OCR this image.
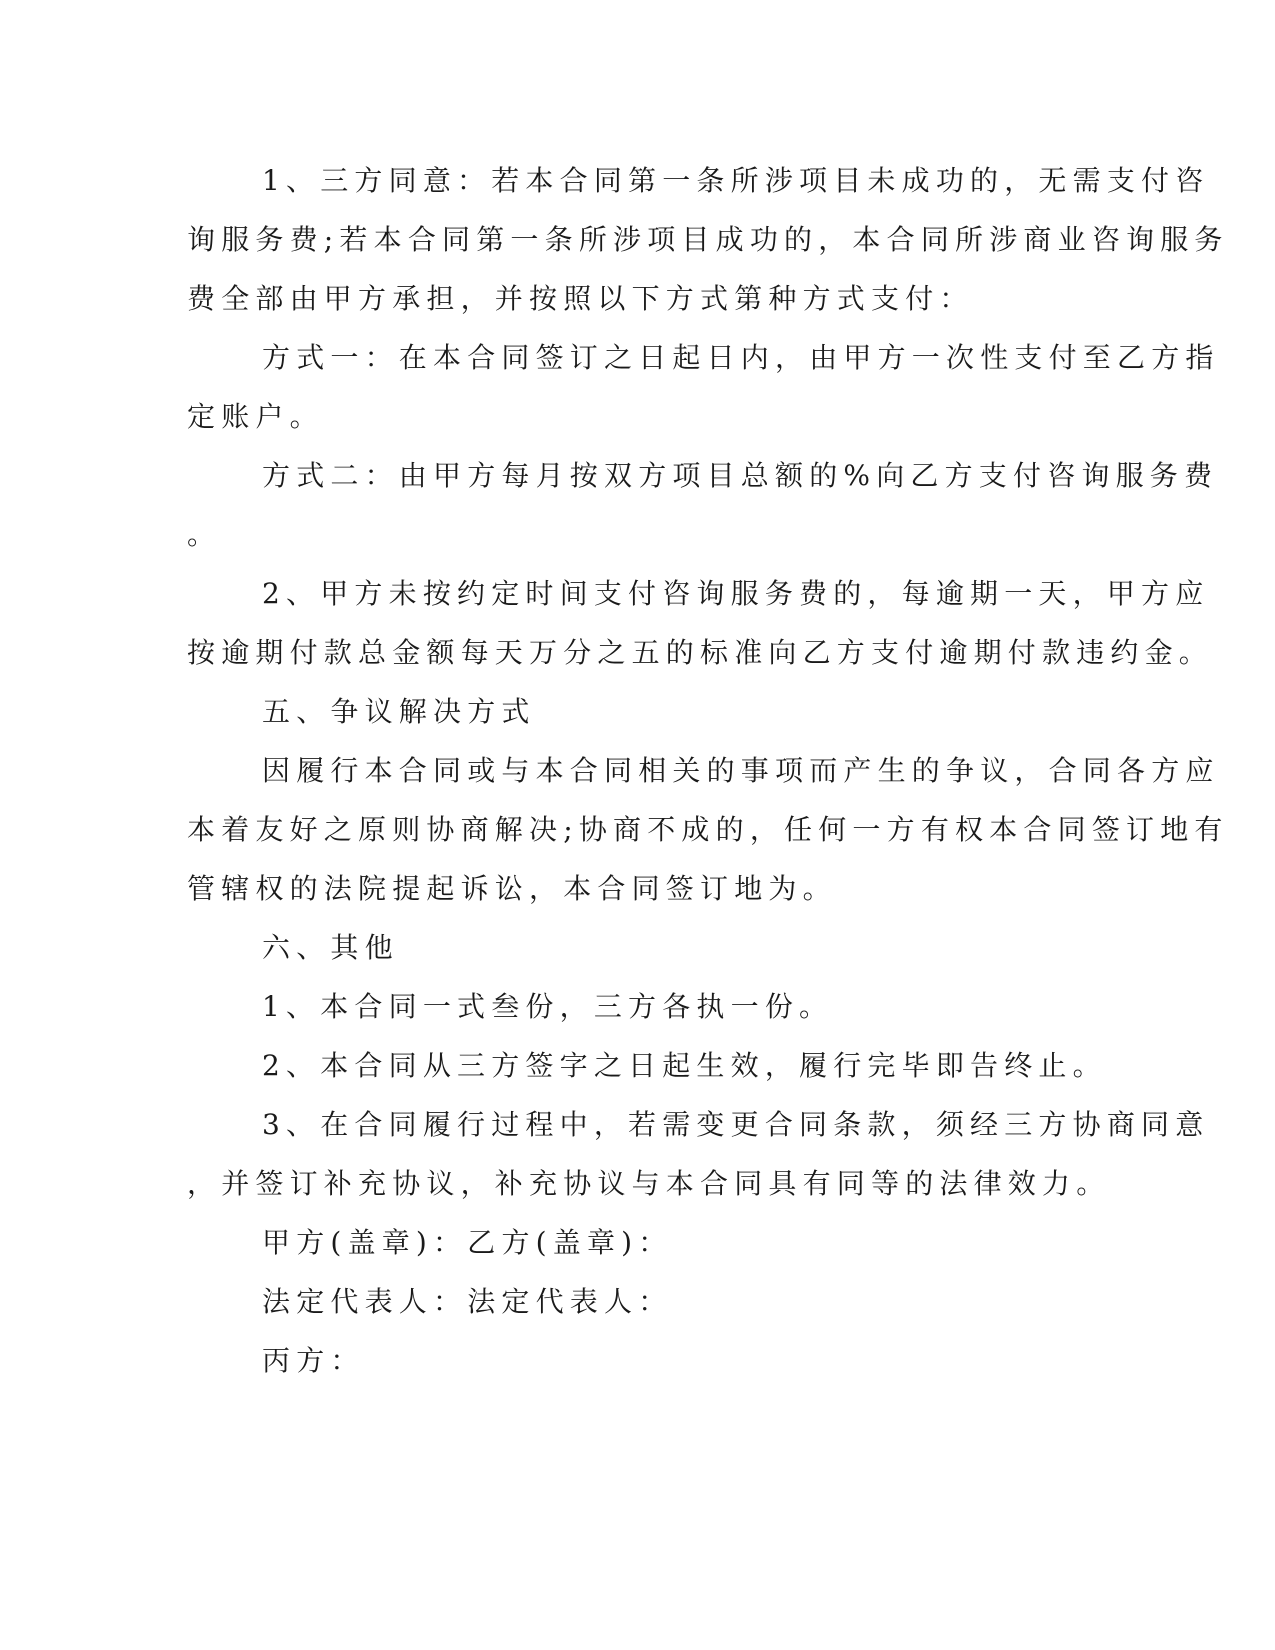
1、三方同意：若本合同第一条所涉项目未成功的，无需支付咨
询服务费;若本合同第一条所涉项目成功的，本合同所涉商业咨询服务
费全部由甲方承担，并按照以下方式第种方式支付：
方式一：在本合同签订之日起日内，由甲方一次性支付至乙方指
定账户。
方式二：由甲方每月按双方项目总额的%向乙方支付咨询服务费
。
2、甲方未按约定时间支付咨询服务费的，每逾期一天，甲方应
按逾期付款总金额每天万分之五的标准向乙方支付逾期付款违约金。
五、争议解决方式
因履行本合同或与本合同相关的事项而产生的争议，合同各方应
本着友好之原则协商解决;协商不成的，任何一方有权本合同签订地有
管辖权的法院提起诉讼，本合同签订地为。
六、其他
1、本合同一式叁份，三方各执一份。
2、本合同从三方签字之日起生效，履行完毕即告终止。
3、在合同履行过程中，若需变更合同条款，须经三方协商同意
，并签订补充协议，补充协议与本合同具有同等的法律效力。
甲方(盖章)：乙方(盖章)：
法定代表人：法定代表人：
丙方：
